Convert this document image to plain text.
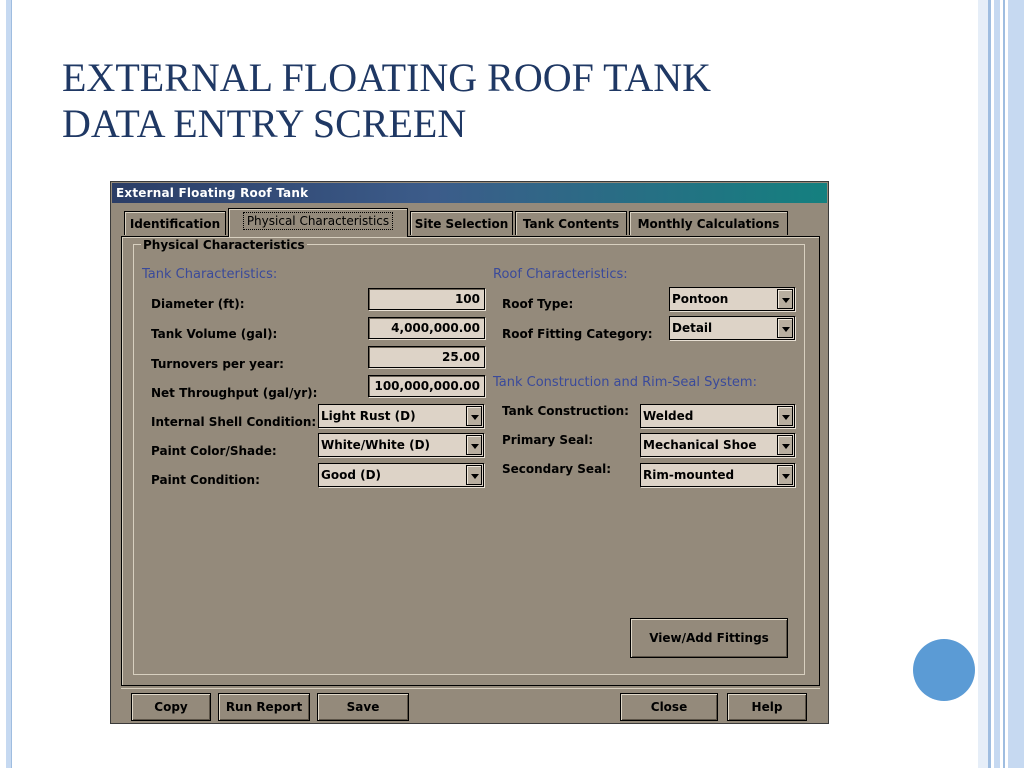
EXTERNAL FLOATING ROOF TANK
DATA ENTRY SCREEN
External Floating Roof Tank
Identification	Physical Characteristics	Site Selection	Tank Contents	Monthly Calculations
Physical Characteristics
Tank Characteristics:
Diameter (ft):	100
Tank Volume (gal):	4,000,000.00
Turnovers per year:	25.00
Net Throughput (gal/yr):	100,000,000.00
Internal Shell Condition: Light Rust (D)
Paint Color/Shade:	White/White (D)
Paint Condition:	Good (D)
Roof Characteristics:
Roof Type:	Pontoon
Roof Fitting Category: Detail
Tank Construction and Rim-Seal System:
Tank Construction: Welded
Primary Seal:	Mechanical Shoe
Secondary Seal:	Rim-mounted
View/Add Fittings
Copy	Run Report	Save	Close	Help
